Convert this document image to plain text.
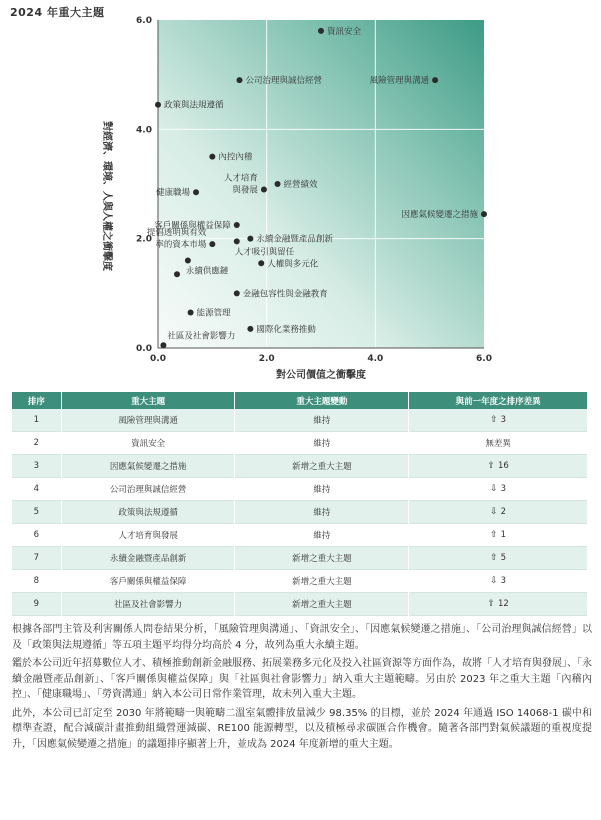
2024 年重大主題
0.0
2.0
4.0
6.0
0.0	2.0	4.0	6.0
對公司價值之衝擊度
對經濟、環境、人與人權之衝擊度
資訊安全
公司治理與誠信經營	風險管理與溝通
政策與法規遵循
內控內稽
人才培育
與發展
經營績效
健康職場
因應氣候變遷之措施
客戶關係與權益保障
永續金融暨產品創新
提倡透明與有效
率的資本市場
人才吸引與留任
人權與多元化
永續供應鏈
金融包容性與金融教育
能源管理
國際化業務推動
社區及社會影響力
排序	重大主題	重大主題變動	與前一年度之排序差異
1	風險管理與溝通	維持	⇧ 3
2	資訊安全	維持	無差異
3	因應氣候變遷之措施	新增之重大主題	⇧ 16
4	公司治理與誠信經營	維持	⇩ 3
5	政策與法規遵循	維持	⇩ 2
6	人才培育與發展	維持	⇧ 1
7	永續金融暨產品創新	新增之重大主題	⇧ 5
8	客戶關係與權益保障	新增之重大主題	⇩ 3
9	社區及社會影響力	新增之重大主題	⇧ 12

根據各部門主管及利害關係人問卷結果分析，「風險管理與溝通」、「資訊安全」、「因應氣候變遷之措施」、「公司治理與誠信經營」以及「政策與法規遵循」等五項主題平均得分均高於 4 分，故列為重大永續主題。

鑑於本公司近年招募數位人才、積極推動創新金融服務、拓展業務多元化及投入社區資源等方面作為，故將「人才培育與發展」、「永續金融暨產品創新」、「客戶關係與權益保障」與「社區與社會影響力」納入重大主題範疇。另由於 2023 年之重大主題「內稽內控」、「健康職場」、「勞資溝通」納入本公司日常作業管理，故未列入重大主題。

此外，本公司已訂定至 2030 年將範疇一與範疇二溫室氣體排放量減少 98.35% 的目標，並於 2024 年通過 ISO 14068-1 碳中和標準查證，配合減碳計畫推動組織營運減碳、RE100 能源轉型，以及積極尋求碳匯合作機會。隨著各部門對氣候議題的重視度提升，「因應氣候變遷之措施」的議題排序顯著上升，並成為 2024 年度新增的重大主題。
